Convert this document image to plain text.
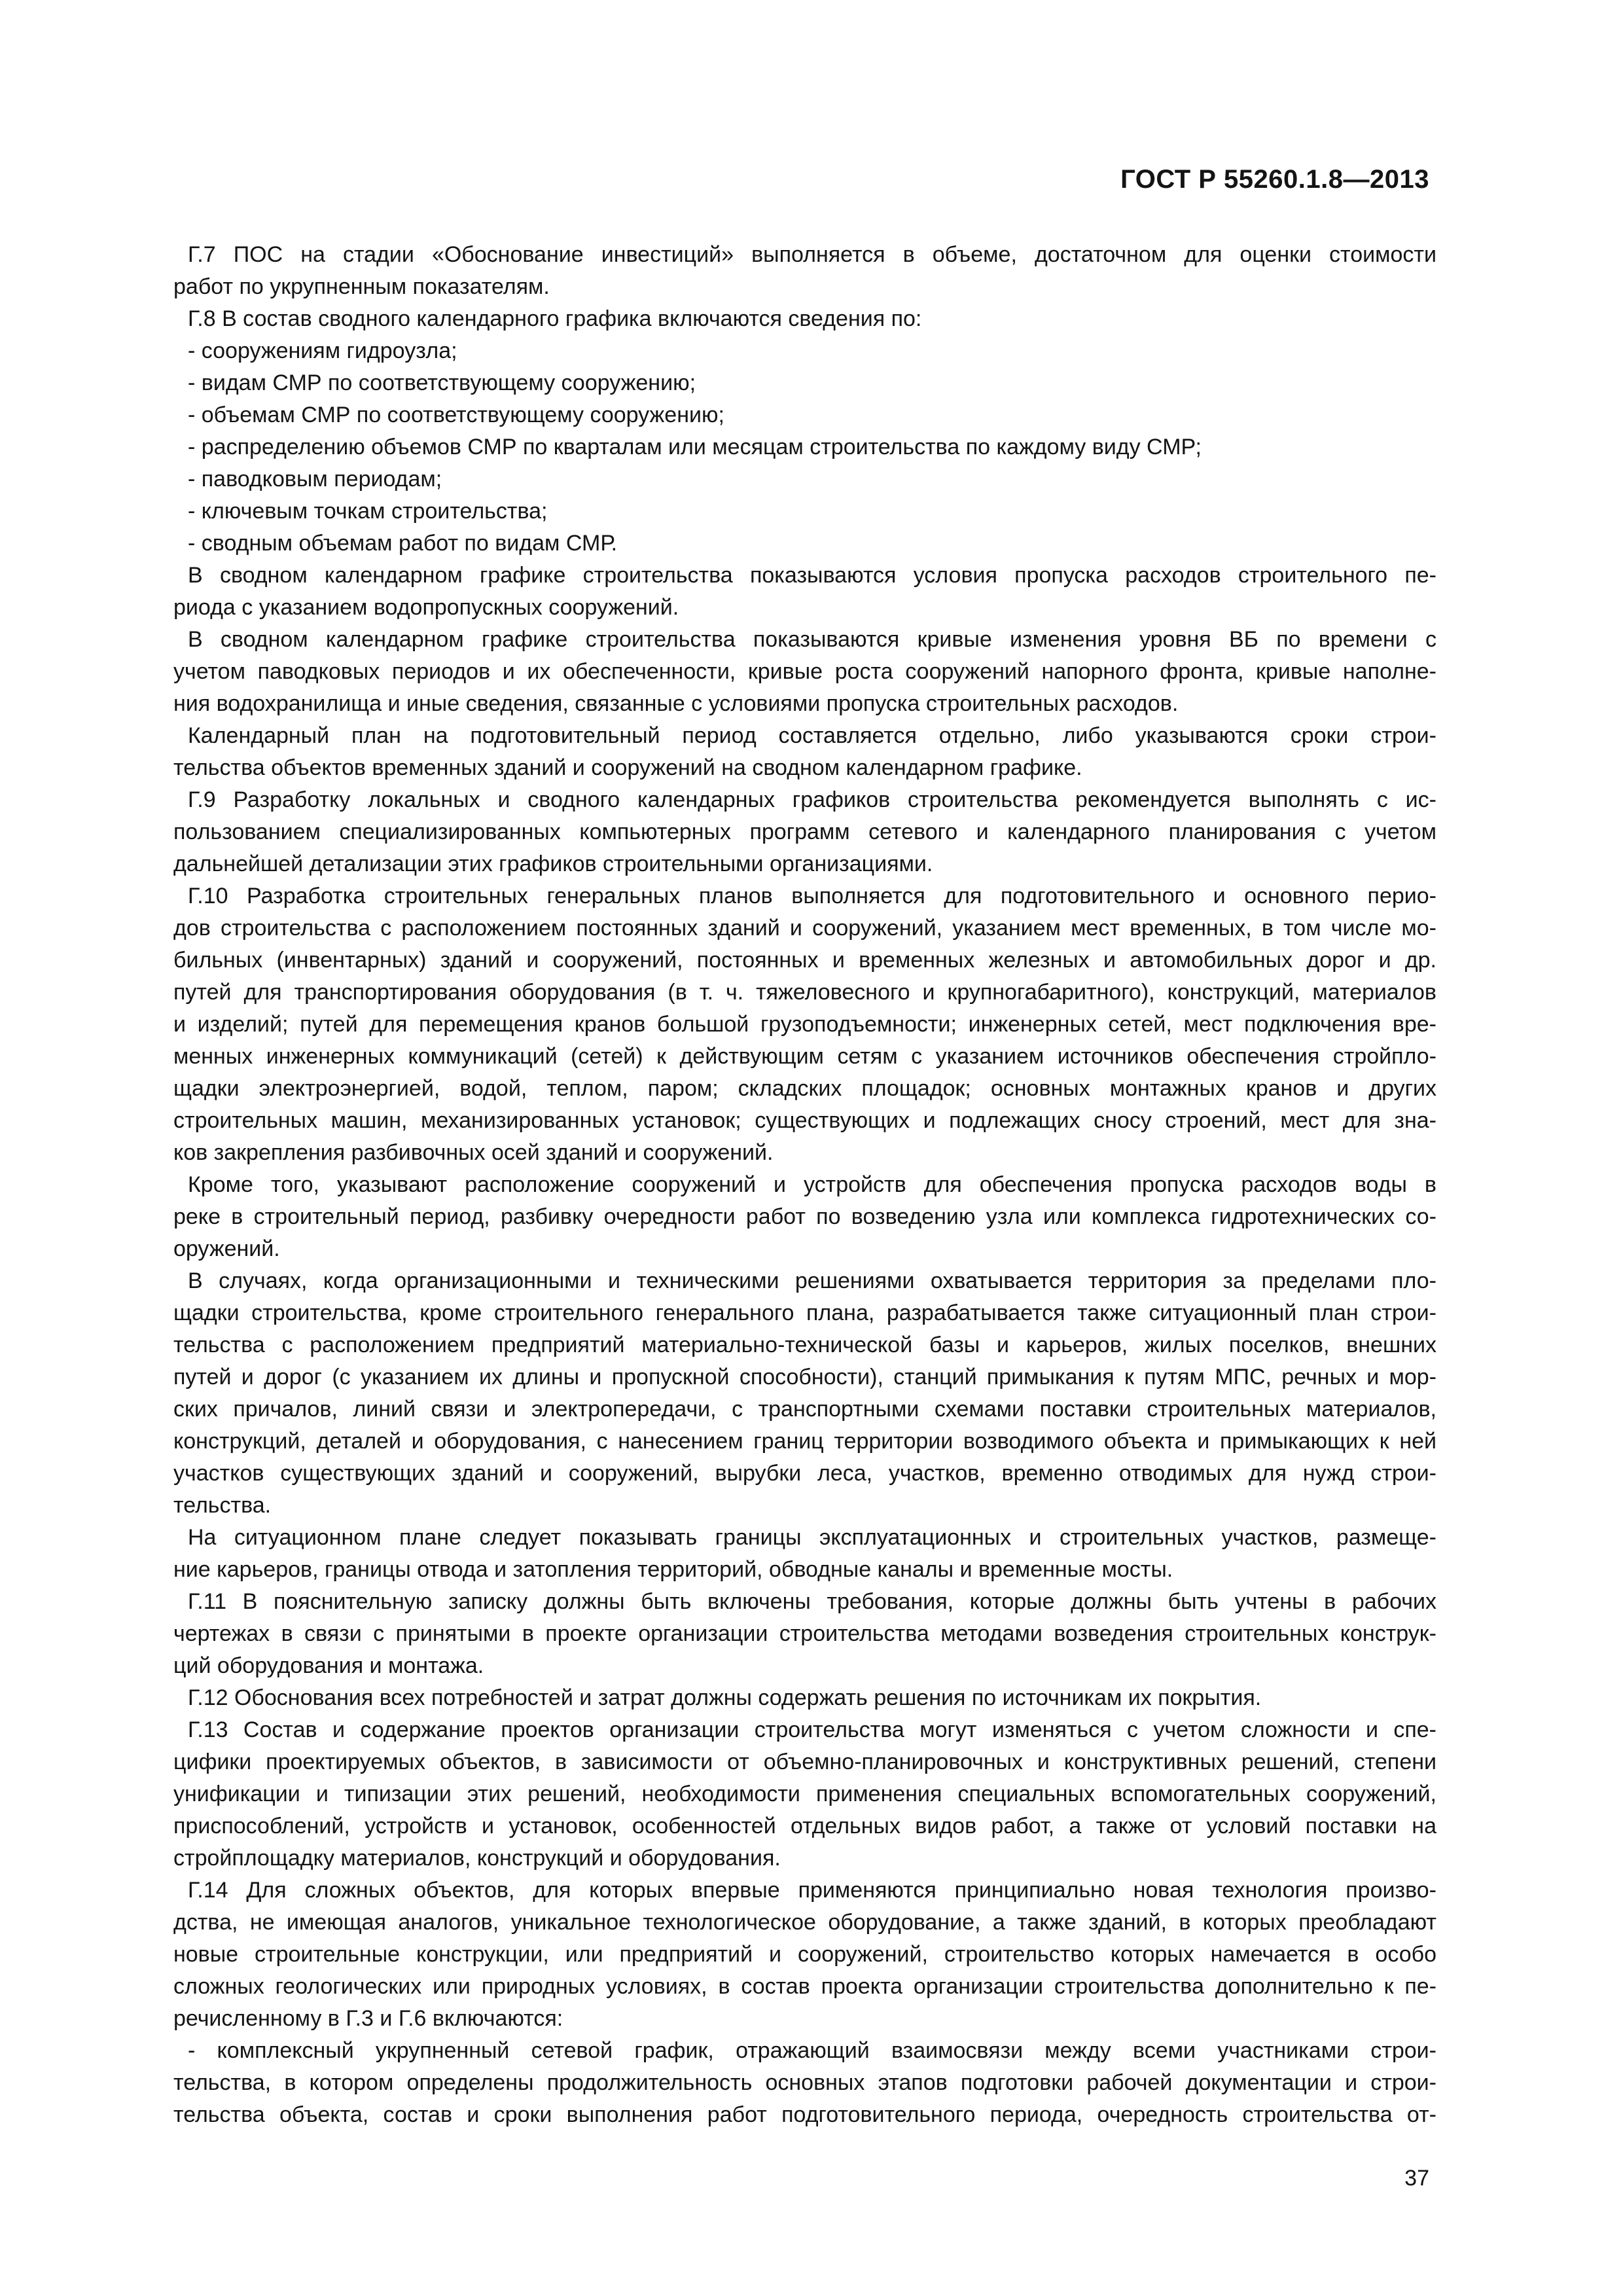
ГОСТ Р 55260.1.8—2013
Г.7 ПОС на стадии «Обоснование инвестиций» выполняется в объеме, достаточном для оценки стоимости
работ по укрупненным показателям.
Г.8 В состав сводного календарного графика включаются сведения по:
- сооружениям гидроузла;
- видам СМР по соответствующему сооружению;
- объемам СМР по соответствующему сооружению;
- распределению объемов СМР по кварталам или месяцам строительства по каждому виду СМР;
- паводковым периодам;
- ключевым точкам строительства;
- сводным объемам работ по видам СМР.
В сводном календарном графике строительства показываются условия пропуска расходов строительного пе-
риода с указанием водопропускных сооружений.
В сводном календарном графике строительства показываются кривые изменения уровня ВБ по времени с
учетом паводковых периодов и их обеспеченности, кривые роста сооружений напорного фронта, кривые наполне-
ния водохранилища и иные сведения, связанные с условиями пропуска строительных расходов.
Календарный план на подготовительный период составляется отдельно, либо указываются сроки строи-
тельства объектов временных зданий и сооружений на сводном календарном графике.
Г.9 Разработку локальных и сводного календарных графиков строительства рекомендуется выполнять с ис-
пользованием специализированных компьютерных программ сетевого и календарного планирования с учетом
дальнейшей детализации этих графиков строительными организациями.
Г.10 Разработка строительных генеральных планов выполняется для подготовительного и основного перио-
дов строительства с расположением постоянных зданий и сооружений, указанием мест временных, в том числе мо-
бильных (инвентарных) зданий и сооружений, постоянных и временных железных и автомобильных дорог и др.
путей для транспортирования оборудования (в т. ч. тяжеловесного и крупногабаритного), конструкций, материалов
и изделий; путей для перемещения кранов большой грузоподъемности; инженерных сетей, мест подключения вре-
менных инженерных коммуникаций (сетей) к действующим сетям с указанием источников обеспечения стройпло-
щадки электроэнергией, водой, теплом, паром; складских площадок; основных монтажных кранов и других
строительных машин, механизированных установок; существующих и подлежащих сносу строений, мест для зна-
ков закрепления разбивочных осей зданий и сооружений.
Кроме того, указывают расположение сооружений и устройств для обеспечения пропуска расходов воды в
реке в строительный период, разбивку очередности работ по возведению узла или комплекса гидротехнических со-
оружений.
В случаях, когда организационными и техническими решениями охватывается территория за пределами пло-
щадки строительства, кроме строительного генерального плана, разрабатывается также ситуационный план строи-
тельства с расположением предприятий материально-технической базы и карьеров, жилых поселков, внешних
путей и дорог (с указанием их длины и пропускной способности), станций примыкания к путям МПС, речных и мор-
ских причалов, линий связи и электропередачи, с транспортными схемами поставки строительных материалов,
конструкций, деталей и оборудования, с нанесением границ территории возводимого объекта и примыкающих к ней
участков существующих зданий и сооружений, вырубки леса, участков, временно отводимых для нужд строи-
тельства.
На ситуационном плане следует показывать границы эксплуатационных и строительных участков, размеще-
ние карьеров, границы отвода и затопления территорий, обводные каналы и временные мосты.
Г.11 В пояснительную записку должны быть включены требования, которые должны быть учтены в рабочих
чертежах в связи с принятыми в проекте организации строительства методами возведения строительных конструк-
ций оборудования и монтажа.
Г.12 Обоснования всех потребностей и затрат должны содержать решения по источникам их покрытия.
Г.13 Состав и содержание проектов организации строительства могут изменяться с учетом сложности и спе-
цифики проектируемых объектов, в зависимости от объемно-планировочных и конструктивных решений, степени
унификации и типизации этих решений, необходимости применения специальных вспомогательных сооружений,
приспособлений, устройств и установок, особенностей отдельных видов работ, а также от условий поставки на
стройплощадку материалов, конструкций и оборудования.
Г.14 Для сложных объектов, для которых впервые применяются принципиально новая технология произво-
дства, не имеющая аналогов, уникальное технологическое оборудование, а также зданий, в которых преобладают
новые строительные конструкции, или предприятий и сооружений, строительство которых намечается в особо
сложных геологических или природных условиях, в состав проекта организации строительства дополнительно к пе-
речисленному в Г.3 и Г.6 включаются:
- комплексный укрупненный сетевой график, отражающий взаимосвязи между всеми участниками строи-
тельства, в котором определены продолжительность основных этапов подготовки рабочей документации и строи-
тельства объекта, состав и сроки выполнения работ подготовительного периода, очередность строительства от-
37
